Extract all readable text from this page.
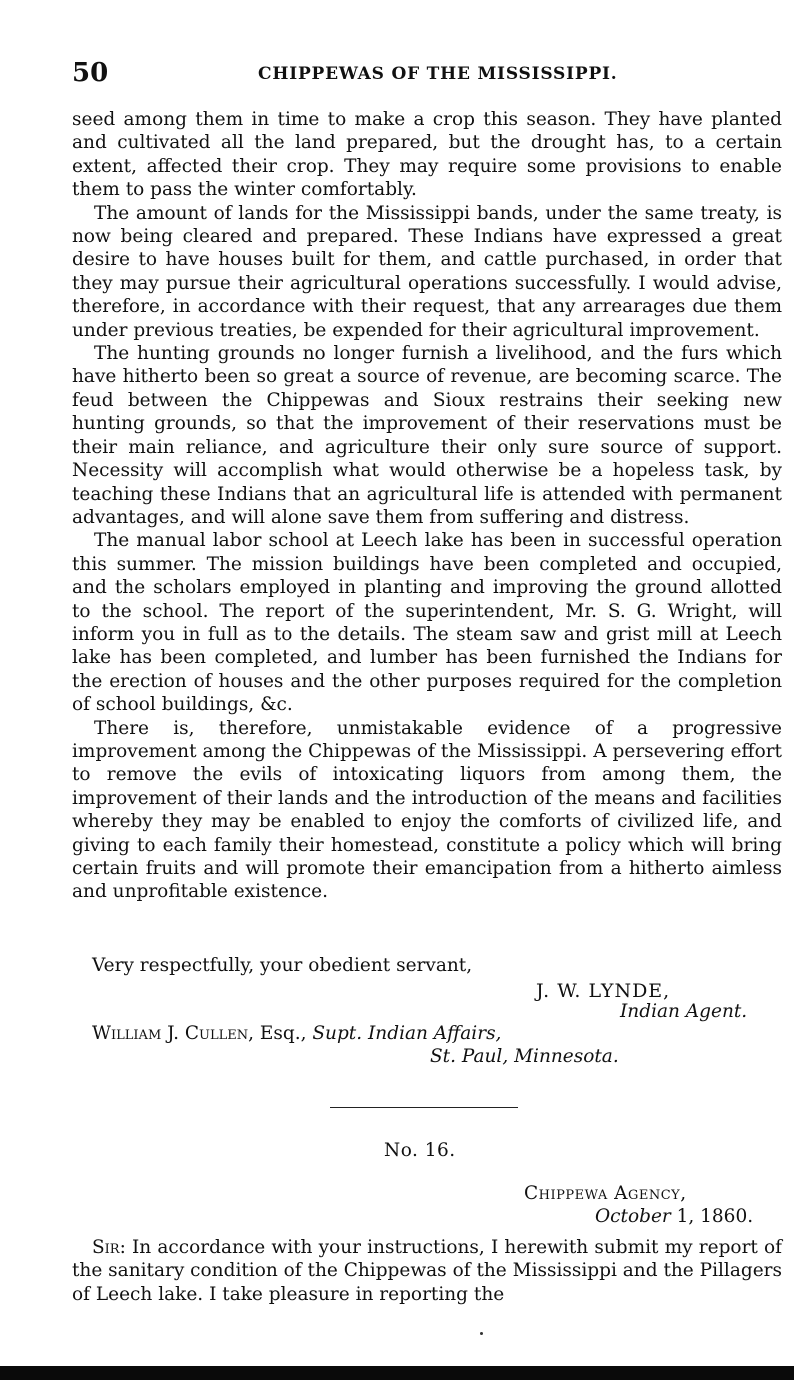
50	CHIPPEWAS OF THE MISSISSIPPI.

seed among them in time to make a crop this season. They have planted and cultivated all the land prepared, but the drought has, to a certain extent, affected their crop. They may require some provisions to enable them to pass the winter comfortably.

The amount of lands for the Mississippi bands, under the same treaty, is now being cleared and prepared. These Indians have expressed a great desire to have houses built for them, and cattle purchased, in order that they may pursue their agricultural operations successfully. I would advise, therefore, in accordance with their request, that any arrearages due them under previous treaties, be expended for their agricultural improvement.

The hunting grounds no longer furnish a livelihood, and the furs which have hitherto been so great a source of revenue, are becoming scarce. The feud between the Chippewas and Sioux restrains their seeking new hunting grounds, so that the improvement of their reservations must be their main reliance, and agriculture their only sure source of support. Necessity will accomplish what would otherwise be a hopeless task, by teaching these Indians that an agricultural life is attended with permanent advantages, and will alone save them from suffering and distress.

The manual labor school at Leech lake has been in successful operation this summer. The mission buildings have been completed and occupied, and the scholars employed in planting and improving the ground allotted to the school. The report of the superintendent, Mr. S. G. Wright, will inform you in full as to the details. The steam saw and grist mill at Leech lake has been completed, and lumber has been furnished the Indians for the erection of houses and the other purposes required for the completion of school buildings, &c.

There is, therefore, unmistakable evidence of a progressive improvement among the Chippewas of the Mississippi. A persevering effort to remove the evils of intoxicating liquors from among them, the improvement of their lands and the introduction of the means and facilities whereby they may be enabled to enjoy the comforts of civilized life, and giving to each family their homestead, constitute a policy which will bring certain fruits and will promote their emancipation from a hitherto aimless and unprofitable existence.

Very respectfully, your obedient servant,
J. W. LYNDE,
Indian Agent.
William J. Cullen, Esq., Supt. Indian Affairs,
St. Paul, Minnesota.
No. 16.
Chippewa Agency,
October 1, 1860.

Sir: In accordance with your instructions, I herewith submit my report of the sanitary condition of the Chippewas of the Mississippi and the Pillagers of Leech lake. I take pleasure in reporting the
